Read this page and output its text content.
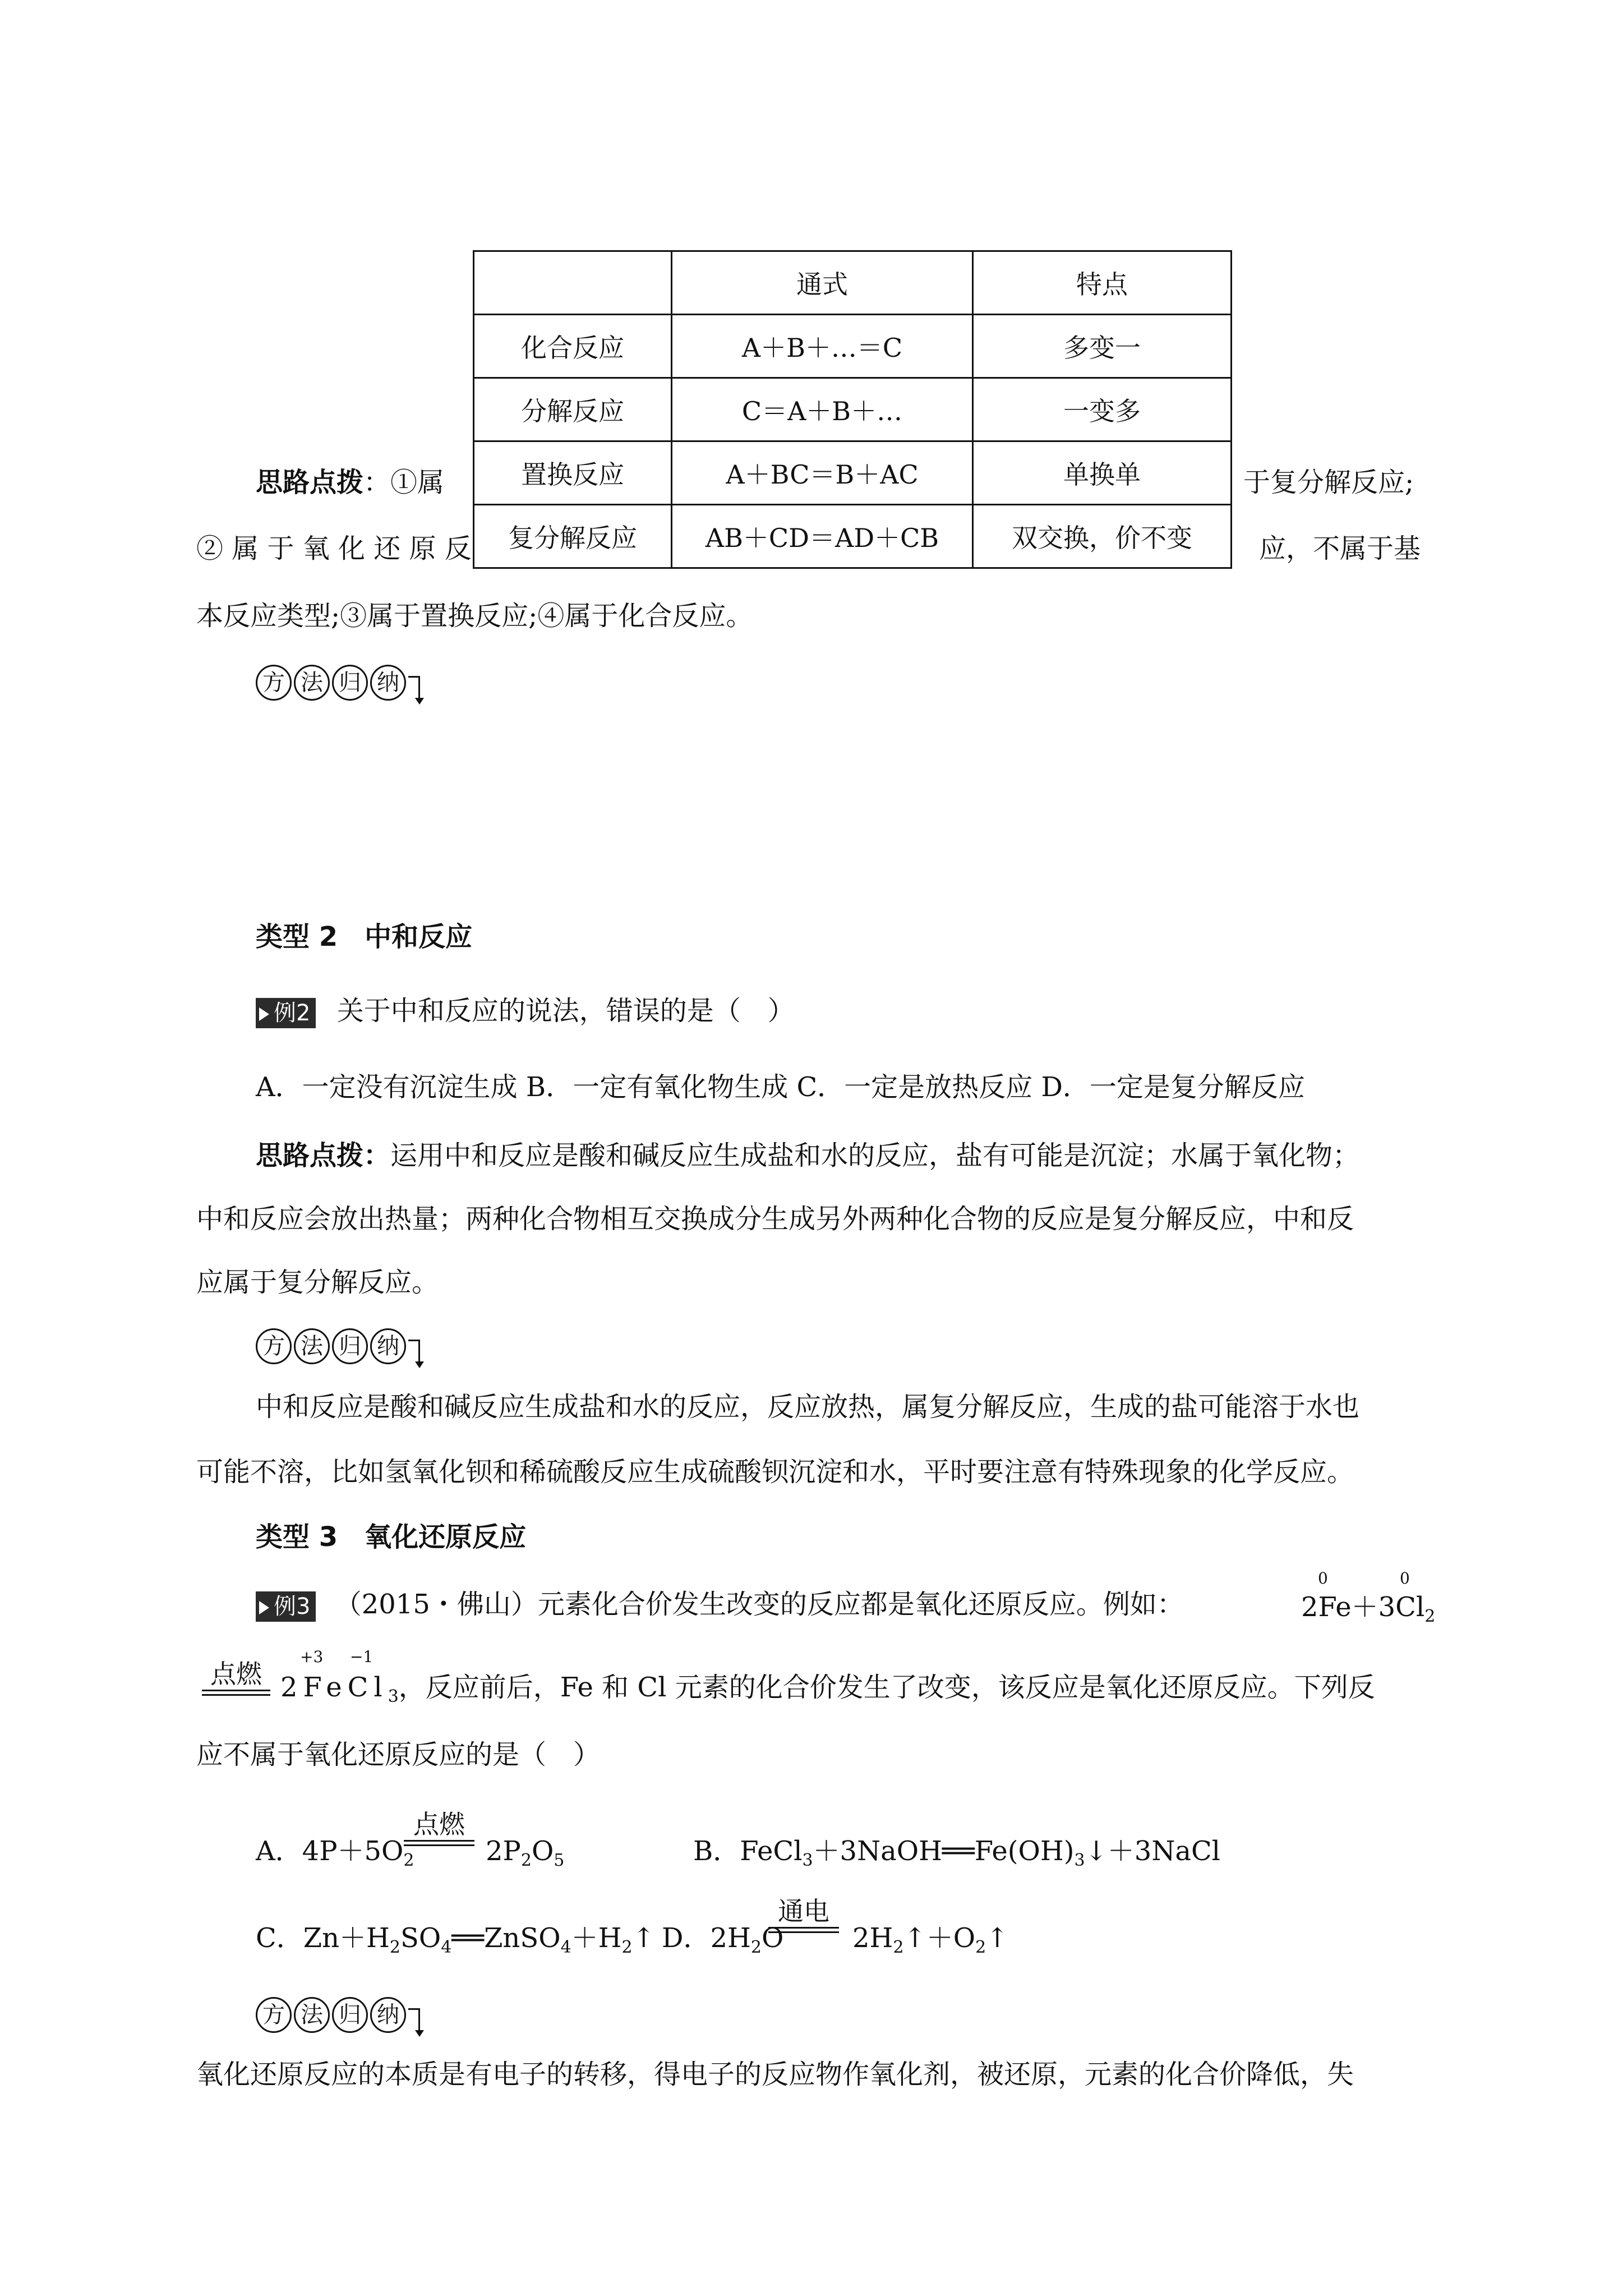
	通式	特点
化合反应	A＋B＋…＝C	多变一
分解反应	C＝A＋B＋…	一变多
置换反应	A＋BC＝B＋AC	单换单
复分解反应	AB＋CD＝AD＋CB	双交换，价不变
思路点拨：①属	于复分解反应;
② 属 于 氧 化 还 原 反	应，不属于基
本反应类型;③属于置换反应;④属于化合反应。
方 法 归 纳
类型 2　中和反应
例2 关于中和反应的说法，错误的是（　）
A．一定没有沉淀生成 B．一定有氧化物生成 C．一定是放热反应 D．一定是复分解反应
思路点拨：运用中和反应是酸和碱反应生成盐和水的反应，盐有可能是沉淀；水属于氧化物；
中和反应会放出热量；两种化合物相互交换成分生成另外两种化合物的反应是复分解反应，中和反
应属于复分解反应。
方 法 归 纳
中和反应是酸和碱反应生成盐和水的反应，反应放热，属复分解反应，生成的盐可能溶于水也
可能不溶，比如氢氧化钡和稀硫酸反应生成硫酸钡沉淀和水，平时要注意有特殊现象的化学反应。
类型 3　氧化还原反应
例3 （2015・佛山）元素化合价发生改变的反应都是氧化还原反应。例如：
0	0
$2Fe+3Cl_2$
点燃
+3 −1
2FeCl$_3$，反应前后，Fe 和 Cl 元素的化合价发生了改变，该反应是氧化还原反应。下列反
应不属于氧化还原反应的是（　）
A．$4P+5O_2$
点燃
$2P_2O_5$	B．$FeCl_3+3NaOH══Fe(OH)_3↓+3NaCl$
C．$Zn+H_2SO_4══ZnSO_4+H_2↑$ D．$2H_2O$
通电
$2H_2↑+O_2↑$
方 法 归 纳
氧化还原反应的本质是有电子的转移，得电子的反应物作氧化剂，被还原，元素的化合价降低，失
